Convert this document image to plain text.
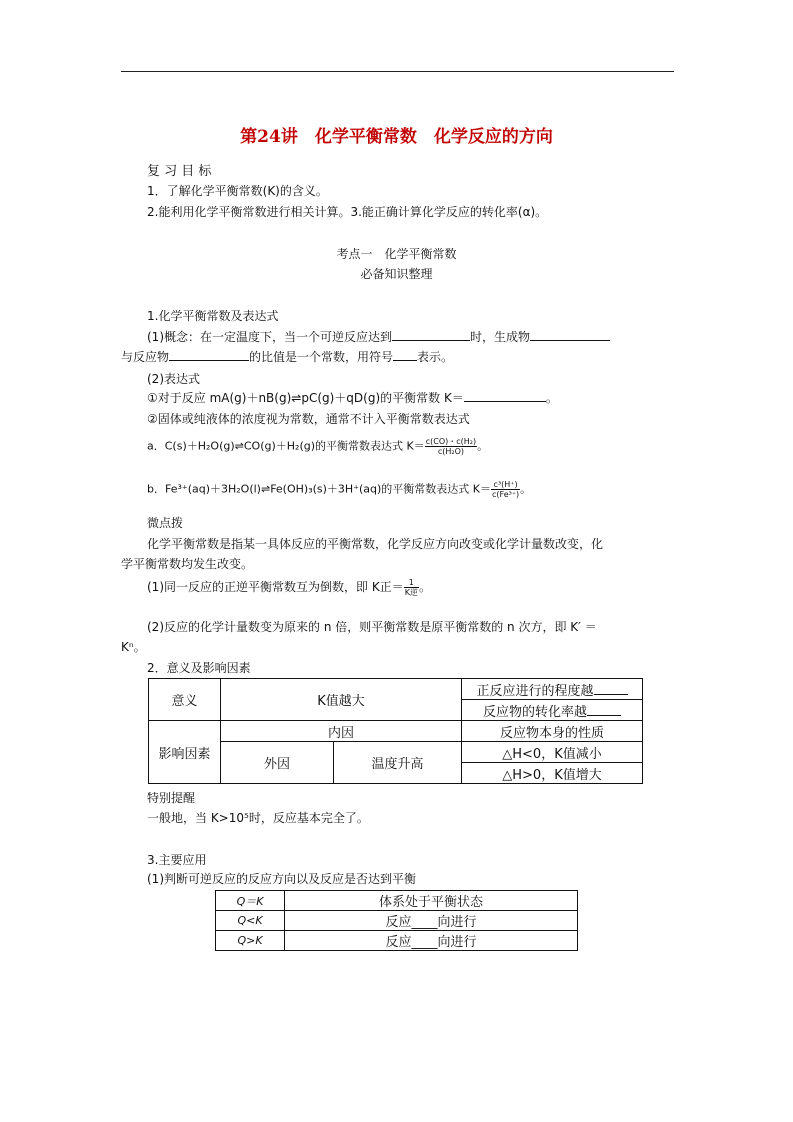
第24讲　化学平衡常数　化学反应的方向
复 习 目 标
1．了解化学平衡常数(K)的含义。
2.能利用化学平衡常数进行相关计算。3.能正确计算化学反应的转化率(α)。
考点一　化学平衡常数
必备知识整理
1.化学平衡常数及表达式
(1)概念：在一定温度下，当一个可逆反应达到	时，生成物
与反应物	的比值是一个常数，用符号 表示。
(2)表达式
①对于反应 mA(g)＋nB(g)⇌pC(g)＋qD(g)的平衡常数 K＝	。
②固体或纯液体的浓度视为常数，通常不计入平衡常数表达式
a．C(s)＋H₂O(g)⇌CO(g)＋H₂(g)的平衡常数表达式 $K= \frac{\text{c(CO)・c(H₂)}}{\text{c(H₂O)}}$ 。
b．Fe³⁺(aq)＋3H₂O(l)⇌Fe(OH)₃(s)＋3H⁺(aq)的平衡常数表达式 $K= \frac{\text{c³(H⁺)}}{\text{c(Fe³⁺)}}$ 。
微点拨
化学平衡常数是指某一具体反应的平衡常数，化学反应方向改变或化学计量数改变，化
学平衡常数均发生改变。
(1)同一反应的正逆平衡常数互为倒数，即 K正＝ $\frac{1}{\text{K逆}}$ 。
(2)反应的化学计量数变为原来的 n 倍，则平衡常数是原平衡常数的 n 次方，即 K′ ＝
Kⁿ。
2．意义及影响因素
意义	K值越大		正反应进行的程度越
			反应物的转化率越
影响因素	内因		反应物本身的性质
	外因	温度升高	△H<0，K值减小
			△H>0，K值增大
特别提醒
一般地，当 K>10⁵时，反应基本完全了。
3.主要应用
(1)判断可逆反应的反应方向以及反应是否达到平衡
Q＝K	体系处于平衡状态
Q<K	反应____向进行
Q>K	反应____向进行
